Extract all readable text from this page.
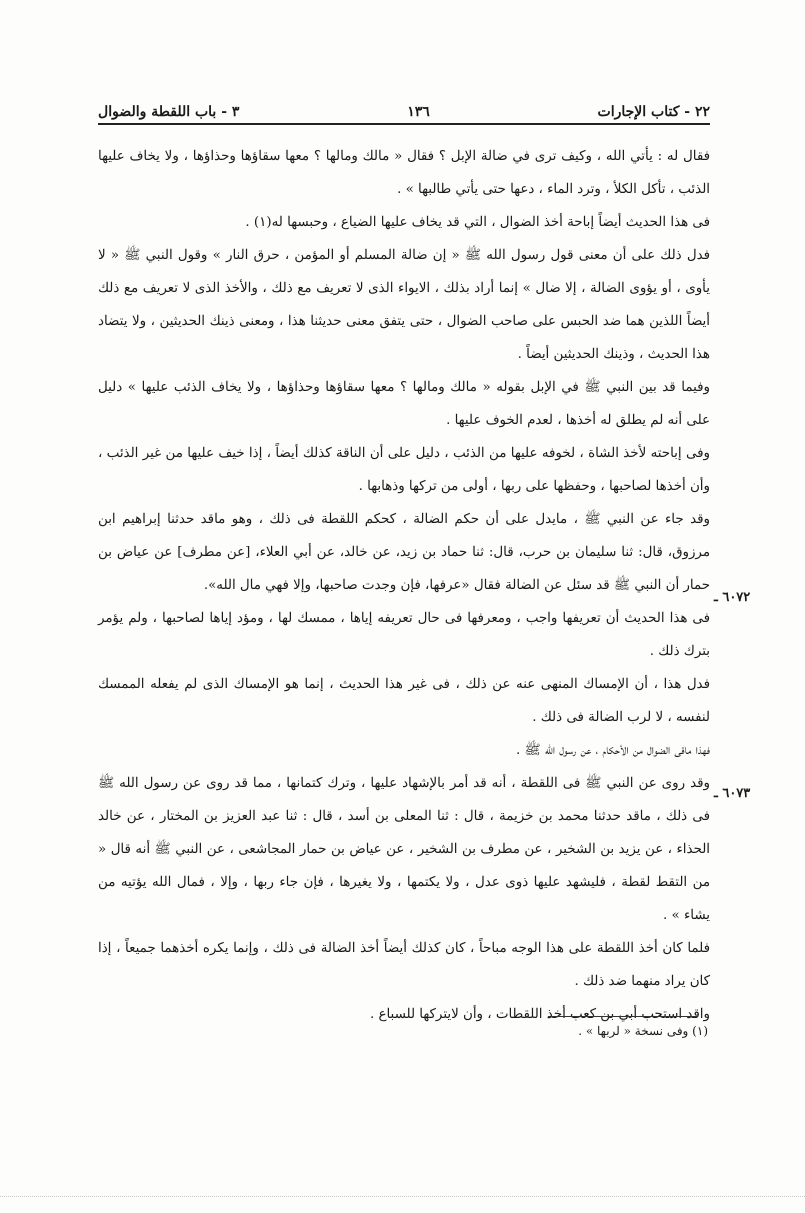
٢٢ - كتاب الإجارات
١٣٦
٣ - باب اللقطة والضوال

فقال له : يأتي الله ، وكيف ترى في ضالة الإبل ؟ فقال « مالك ومالها ؟ معها سقاؤها وحذاؤها ، ولا يخاف عليها الذئب ، تأكل الكلأ ، وترد الماء ، دعها حتى يأتي طالبها » .

فى هذا الحديث أيضاً إباحة أخذ الضوال ، التي قد يخاف عليها الضياع ، وحبسها له(١) .

فدل ذلك على أن معنى قول رسول الله ﷺ « إن ضالة المسلم أو المؤمن ، حرق النار » وقول النبي ﷺ « لا يأوى ، أو يؤوى الضالة ، إلا ضال » إنما أراد بذلك ، الايواء الذى لا تعريف مع ذلك ، والأخذ الذى لا تعريف مع ذلك أيضاً اللذين هما ضد الحبس على صاحب الضوال ، حتى يتفق معنى حديثنا هذا ، ومعنى ذينك الحديثين ، ولا يتضاد هذا الحديث ، وذينك الحديثين أيضاً .

وفيما قد بين النبي ﷺ في الإبل بقوله « مالك ومالها ؟ معها سقاؤها وحذاؤها ، ولا يخاف الذئب عليها » دليل على أنه لم يطلق له أخذها ، لعدم الخوف عليها .

وفى إباحته لأخذ الشاة ، لخوفه عليها من الذئب ، دليل على أن الناقة كذلك أيضاً ، إذا خيف عليها من غير الذئب ، وأن أخذها لصاحبها ، وحفظها على ربها ، أولى من تركها وذهابها .

وقد جاء عن النبي ﷺ ، مايدل على أن حكم الضالة ، كحكم اللقطة فى ذلك ، وهو ماقد حدثنا إبراهيم ابن مرزوق، قال: ثنا سليمان بن حرب، قال: ثنا حماد بن زيد، عن خالد، عن أبي العلاء، [عن مطرف] عن عياض بن حمار أن النبي ﷺ قد سئل عن الضالة فقال «عرفها، فإن وجدت صاحبها، وإلا فهي مال الله».

فى هذا الحديث أن تعريفها واجب ، ومعرفها فى حال تعريفه إياها ، ممسك لها ، ومؤد إياها لصاحبها ، ولم يؤمر بترك ذلك .

فدل هذا ، أن الإمساك المنهى عنه عن ذلك ، فى غير هذا الحديث ، إنما هو الإمساك الذى لم يفعله الممسك لنفسه ، لا لرب الضالة فى ذلك .

فهذا ماقى الضوال من الأحكام ، عن رسول الله ﷺ .

وقد روى عن النبي ﷺ فى اللقطة ، أنه قد أمر بالإشهاد عليها ، وترك كتمانها ، مما قد روى عن رسول الله ﷺ فى ذلك ، ماقد حدثنا محمد بن خزيمة ، قال : ثنا المعلى بن أسد ، قال : ثنا عبد العزيز بن المختار ، عن خالد الحذاء ، عن يزيد بن الشخير ، عن مطرف بن الشخير ، عن عياض بن حمار المجاشعى ، عن النبي ﷺ أنه قال « من التقط لقطة ، فليشهد عليها ذوى عدل ، ولا يكتمها ، ولا يغيرها ، فإن جاء ربها ، وإلا ، فمال الله يؤتيه من يشاء » .

فلما كان أخذ اللقطة على هذا الوجه مباحاً ، كان كذلك أيضاً أخذ الضالة فى ذلك ، وإنما يكره أخذهما جميعاً ، إذا كان يراد منهما ضد ذلك .

واقد استحب أبي بن كعب أخذ اللقطات ، وأن لايتركها للسباع .

٦٠٧٢ ـ
٦٠٧٣ ـ
(١) وفى نسخة « لربها » .
